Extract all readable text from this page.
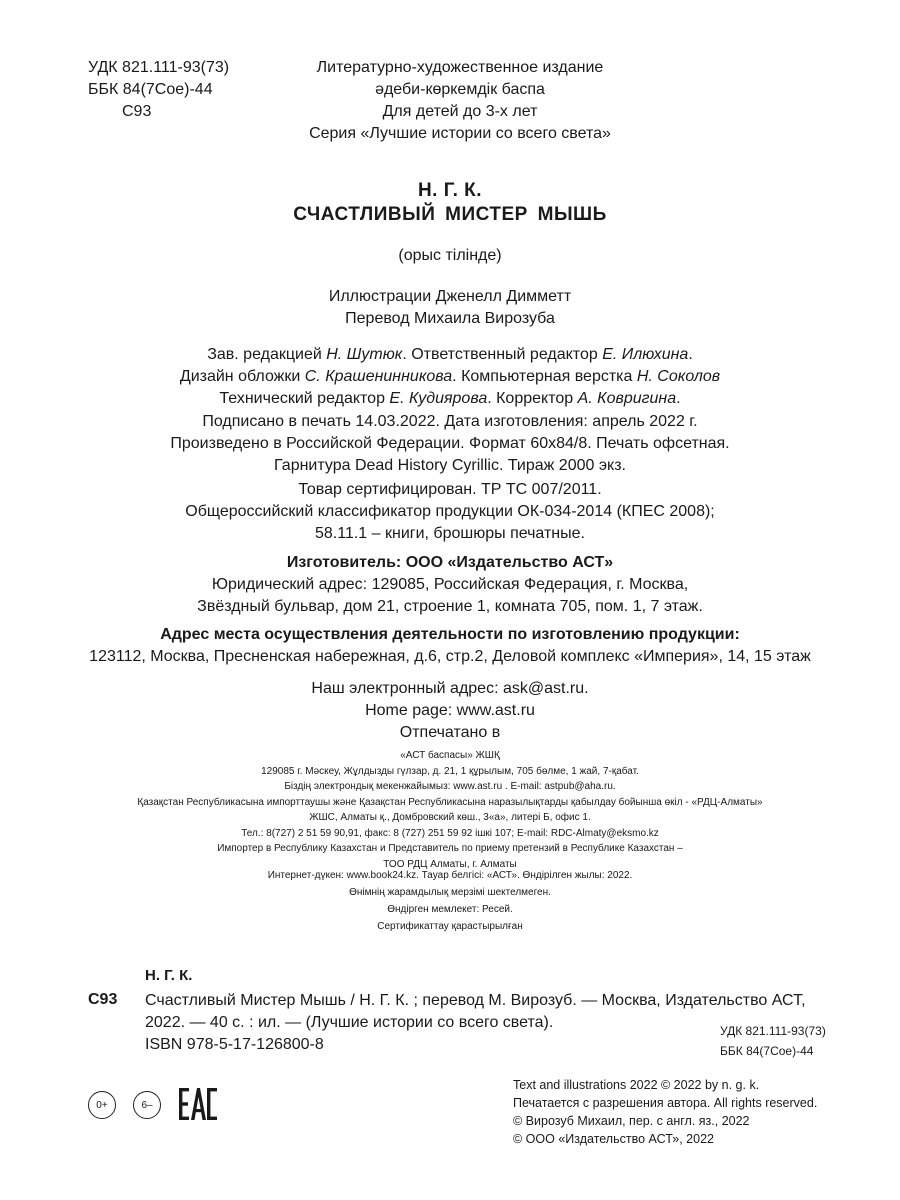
УДК 821.111-93(73)

ББК 84(7Сое)-44

С93

Литературно-художественное издание

әдеби-көркемдік баспа

Для детей до 3-х лет

Серия «Лучшие истории со всего света»

Н. Г. К.
СЧАСТЛИВЫЙ МИСТЕР МЫШЬ
(орыс тілінде)

Иллюстрации Дженелл Димметт

Перевод Михаила Вирозуба

Зав. редакцией Н. Шутюк. Ответственный редактор Е. Илюхина.

Дизайн обложки С. Крашенинникова. Компьютерная верстка Н. Соколов

Технический редактор Е. Кудиярова. Корректор А. Ковригина.

Подписано в печать 14.03.2022. Дата изготовления: апрель 2022 г.

Произведено в Российской Федерации. Формат 60x84/8. Печать офсетная.

Гарнитура Dead History Cyrillic. Тираж 2000 экз.

Товар сертифицирован. ТР ТС 007/2011.

Общероссийский классификатор продукции ОК-034-2014 (КПЕС 2008);

58.11.1 – книги, брошюры печатные.

Изготовитель: ООО «Издательство АСТ»

Юридический адрес: 129085, Российская Федерация, г. Москва,

Звёздный бульвар, дом 21, строение 1, комната 705, пом. 1, 7 этаж.

Адрес места осуществления деятельности по изготовлению продукции:

123112, Москва, Пресненская набережная, д.6, стр.2, Деловой комплекс «Империя», 14, 15 этаж

Наш электронный адрес: ask@ast.ru.

Home page: www.ast.ru

Отпечатано в

«АСТ баспасы» ЖШҚ

129085 г. Мәскеу, Жұлдызды гүлзар, д. 21, 1 құрылым, 705 бөлме, 1 жай, 7-қабат.

Біздің электрондық мекенжайымыз: www.ast.ru . E-mail: astpub@aha.ru.

Қазақстан Республикасына импорттаушы және Қазақстан Республикасына наразылықтарды қабылдау бойынша өкіл - «РДЦ-Алматы»

ЖШС, Алматы қ., Домбровский көш., 3«а», литері Б, офис 1.

Тел.: 8(727) 2 51 59 90,91, факс: 8 (727) 251 59 92 ішкі 107; E-mail: RDC-Almaty@eksmo.kz

Импортер в Республику Казахстан и Представитель по приему претензий в Республике Казахстан –

ТОО РДЦ Алматы, г. Алматы

Интернет-дүкен: www.book24.kz. Тауар белгісі: «АСТ». Өндірілген жылы: 2022.

Өнімнің жарамдылық мерзімі шектелмеген.

Өндірген мемлекет: Ресей.

Сертификаттау қарастырылған

Н. Г. К.
С93 Счастливый Мистер Мышь / Н. Г. К. ; перевод М. Вирозуб. — Москва, Издательство АСТ, 2022. — 40 с. : ил. — (Лучшие истории со всего света).
ISBN 978-5-17-126800-8

УДК 821.111-93(73)

ББК 84(7Сое)-44

0+	6–

Text and illustrations 2022 © 2022 by n. g. k.

Печатается с разрешения автора. All rights reserved.

© Вирозуб Михаил, пер. с англ. яз., 2022

© ООО «Издательство АСТ», 2022
